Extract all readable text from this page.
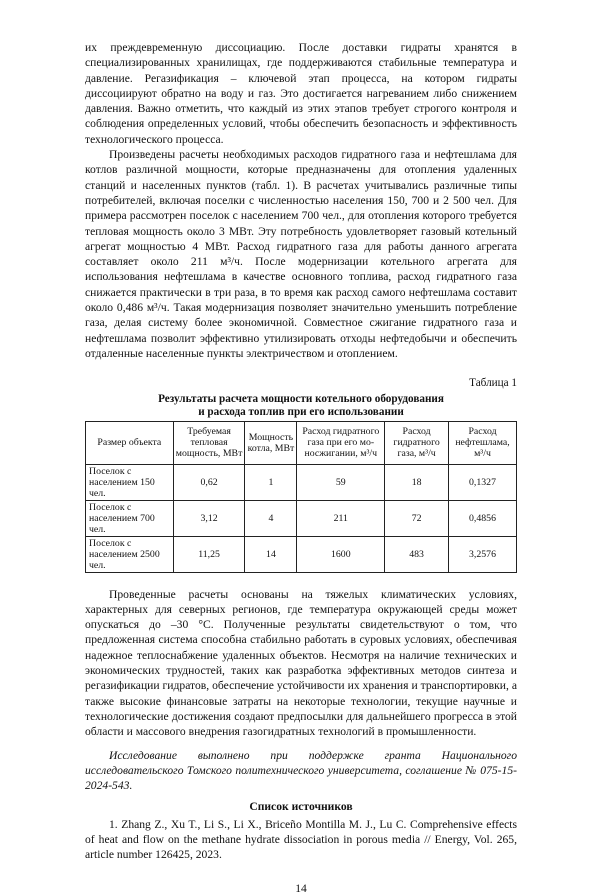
их преждевременную диссоциацию. После доставки гидраты хранятся в специализированных хранилищах, где поддерживаются стабильные температура и давление. Регазификация – ключевой этап процесса, на котором гидраты диссоциируют обратно на воду и газ. Это достигается нагреванием либо снижением давления. Важно отметить, что каждый из этих этапов требует строгого контроля и соблюдения определенных условий, чтобы обеспечить безопасность и эффективность технологического процесса.

Произведены расчеты необходимых расходов гидратного газа и нефтешлама для котлов различной мощности, которые предназначены для отопления удаленных станций и населенных пунктов (табл. 1). В расчетах учитывались различные типы потребителей, включая поселки с численностью населения 150, 700 и 2 500 чел. Для примера рассмотрен поселок с населением 700 чел., для отопления которого требуется тепловая мощность около 3 МВт. Эту потребность удовлетворяет газовый котельный агрегат мощностью 4 МВт. Расход гидратного газа для работы данного агрегата составляет около 211 м³/ч. После модернизации котельного агрегата для использования нефтешлама в качестве основного топлива, расход гидратного газа снижается практически в три раза, в то время как расход самого нефтешлама составит около 0,486 м³/ч. Такая модернизация позволяет значительно уменьшить потребление газа, делая систему более экономичной. Совместное сжигание гидратного газа и нефтешлама позволит эффективно утилизировать отходы нефтедобычи и обеспечить отдаленные населенные пункты электричеством и отоплением.

Таблица 1

Результаты расчета мощности котельного оборудования
и расхода топлив при его использовании
Размер объекта	Требуемая тепловая мощность, МВт	Мощность котла, МВт	Расход гидратного газа при его мо-носжигании, м³/ч	Расход гидратного газа, м³/ч	Расход нефтешлама, м³/ч
Поселок с населением 150 чел.	0,62	1	59	18	0,1327
Поселок с населением 700 чел.	3,12	4	211	72	0,4856
Поселок с населением 2500 чел.	11,25	14	1600	483	3,2576

Проведенные расчеты основаны на тяжелых климатических условиях, характерных для северных регионов, где температура окружающей среды может опускаться до –30 °С. Полученные результаты свидетельствуют о том, что предложенная система способна стабильно работать в суровых условиях, обеспечивая надежное теплоснабжение удаленных объектов. Несмотря на наличие технических и экономических трудностей, таких как разработка эффективных методов синтеза и регазификации гидратов, обеспечение устойчивости их хранения и транспортировки, а также высокие финансовые затраты на некоторые технологии, текущие научные и технологические достижения создают предпосылки для дальнейшего прогресса в этой области и массового внедрения газогидратных технологий в промышленности.

Исследование выполнено при поддержке гранта Национального исследовательского Томского политехнического университета, соглашение № 075-15-2024-543.

Список источников

1. Zhang Z., Xu T., Li S., Li X., Briceño Montilla M. J., Lu C. Comprehensive effects of heat and flow on the methane hydrate dissociation in porous media // Energy, Vol. 265, article number 126425, 2023.

14
